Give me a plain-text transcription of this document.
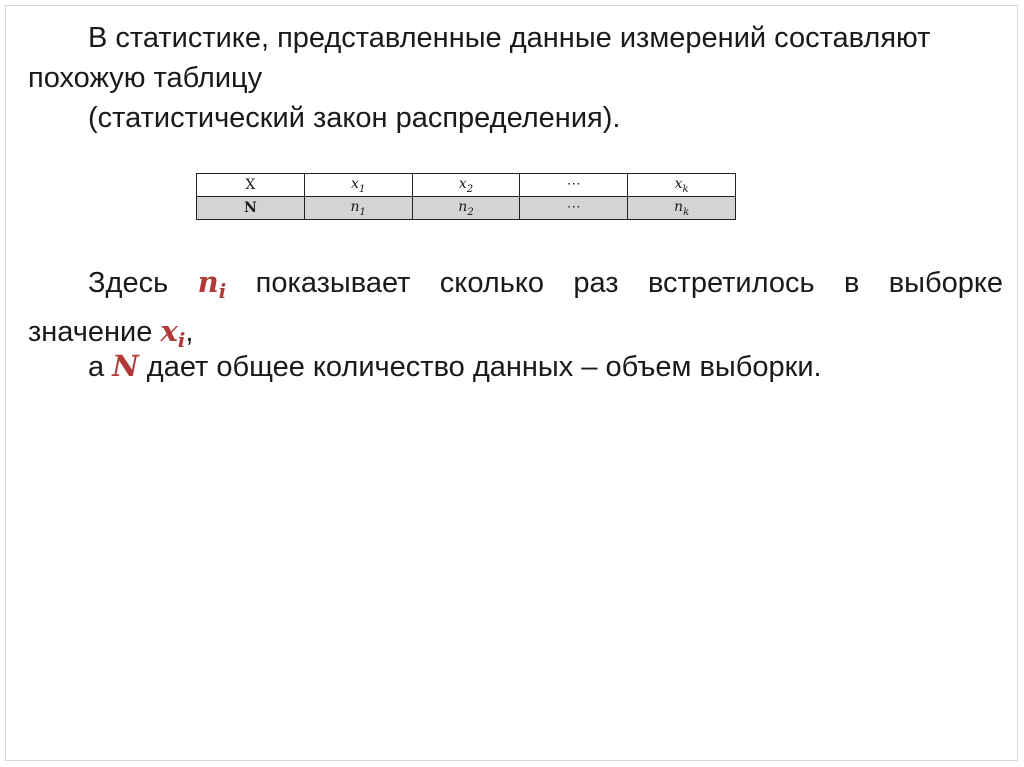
В статистике, представленные данные измерений составляют
похожую таблицу

(статистический закон распределения).

X	$x_1$	$x_2$	⋯	$x_k$
N	$n_1$	$n_2$	⋯	$n_k$

Здесь $n_i$ показывает сколько раз встретилось в выборке
значение $x_i$,

а N дает общее количество данных – объем выборки.
